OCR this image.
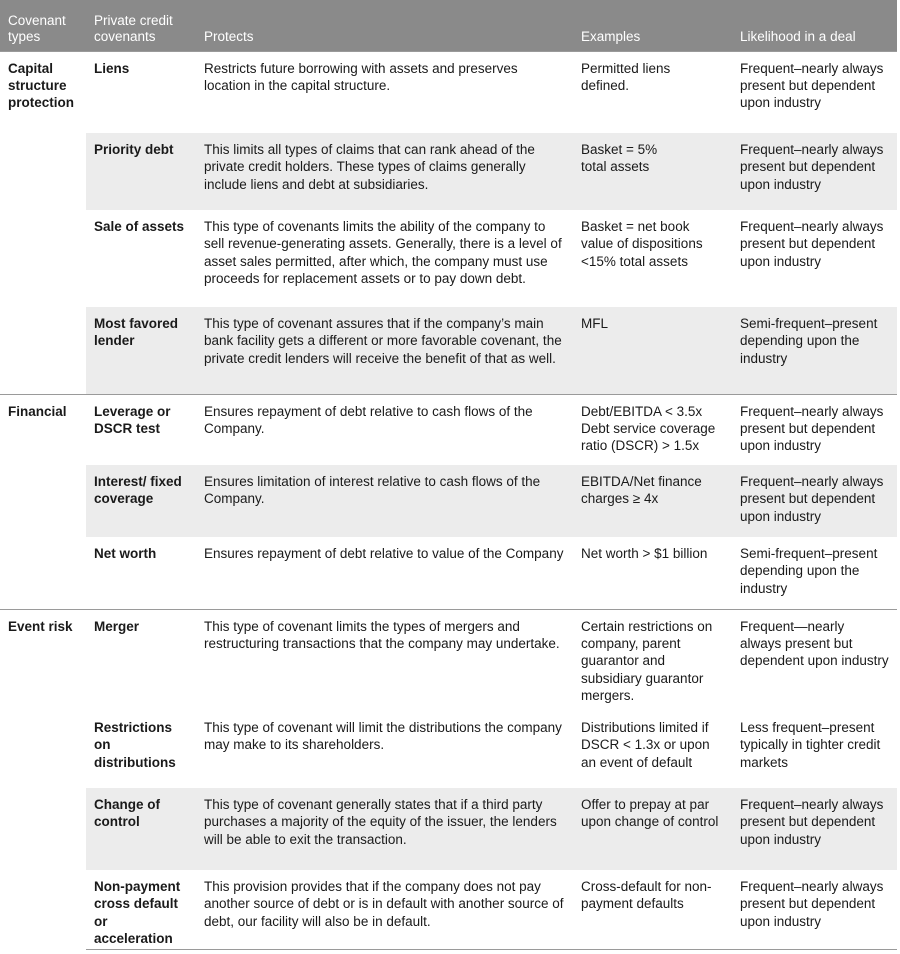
Covenant types	Private credit covenants	Protects	Examples	Likelihood in a deal
Capital structure protection	Liens	Restricts future borrowing with assets and preserves location in the capital structure.	Permitted liens defined.	Frequent–nearly always present but dependent upon industry
	Priority debt	This limits all types of claims that can rank ahead of the private credit holders. These types of claims generally include liens and debt at subsidiaries.	Basket = 5% total assets	Frequent–nearly always present but dependent upon industry
	Sale of assets	This type of covenants limits the ability of the company to sell revenue-generating assets. Generally, there is a level of asset sales permitted, after which, the company must use proceeds for replacement assets or to pay down debt.	Basket = net book value of dispositions <15% total assets	Frequent–nearly always present but dependent upon industry
	Most favored lender	This type of covenant assures that if the company’s main bank facility gets a different or more favorable covenant, the private credit lenders will receive the benefit of that as well.	MFL	Semi-frequent–present depending upon the industry
Financial	Leverage or DSCR test	Ensures repayment of debt relative to cash flows of the Company.	Debt/EBITDA < 3.5x Debt service coverage ratio (DSCR) > 1.5x	Frequent–nearly always present but dependent upon industry
	Interest/ fixed coverage	Ensures limitation of interest relative to cash flows of the Company.	EBITDA/Net finance charges ≥ 4x	Frequent–nearly always present but dependent upon industry
	Net worth	Ensures repayment of debt relative to value of the Company	Net worth > $1 billion	Semi-frequent–present depending upon the industry
Event risk	Merger	This type of covenant limits the types of mergers and restructuring transactions that the company may undertake.	Certain restrictions on company, parent guarantor and subsidiary guarantor mergers.	Frequent—nearly always present but dependent upon industry
	Restrictions on distributions	This type of covenant will limit the distributions the company may make to its shareholders.	Distributions limited if DSCR < 1.3x or upon an event of default	Less frequent–present typically in tighter credit markets
	Change of control	This type of covenant generally states that if a third party purchases a majority of the equity of the issuer, the lenders will be able to exit the transaction.	Offer to prepay at par upon change of control	Frequent–nearly always present but dependent upon industry
	Non-payment cross default or acceleration	This provision provides that if the company does not pay another source of debt or is in default with another source of debt, our facility will also be in default.	Cross-default for non-payment defaults	Frequent–nearly always present but dependent upon industry
